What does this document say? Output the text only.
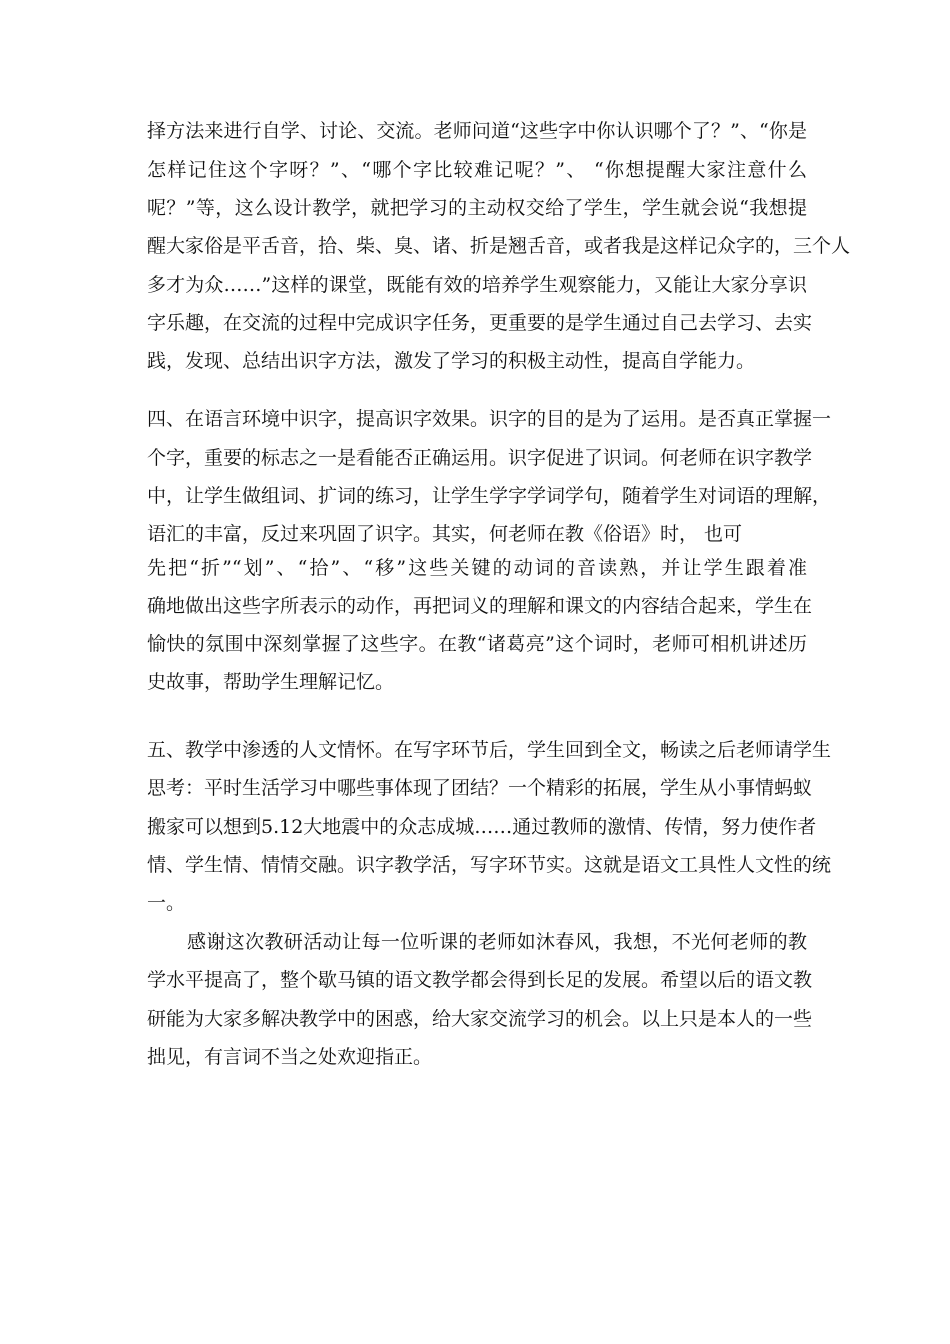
择方法来进行自学、讨论、交流。老师问道“这些字中你认识哪个了？”、“你是
怎样记住这个字呀？”、“哪个字比较难记呢？”、 “你想提醒大家注意什么
呢？”等，这么设计教学，就把学习的主动权交给了学生，学生就会说“我想提
醒大家俗是平舌音，拾、柴、臭、诸、折是翘舌音，或者我是这样记众字的，三个人
多才为众……”这样的课堂，既能有效的培养学生观察能力，又能让大家分享识
字乐趣，在交流的过程中完成识字任务，更重要的是学生通过自己去学习、去实
践，发现、总结出识字方法，激发了学习的积极主动性，提高自学能力。
四、在语言环境中识字，提高识字效果。识字的目的是为了运用。是否真正掌握一
个字，重要的标志之一是看能否正确运用。识字促进了识词。何老师在识字教学
中，让学生做组词、扩词的练习，让学生学字学词学句，随着学生对词语的理解，
语汇的丰富，反过来巩固了识字。其实，何老师在教《俗语》时， 也可
先把“折”“划”、“拾”、“移”这些关键的动词的音读熟，并让学生跟着准
确地做出这些字所表示的动作，再把词义的理解和课文的内容结合起来，学生在
愉快的氛围中深刻掌握了这些字。在教“诸葛亮”这个词时，老师可相机讲述历
史故事，帮助学生理解记忆。
五、教学中渗透的人文情怀。在写字环节后，学生回到全文，畅读之后老师请学生
思考：平时生活学习中哪些事体现了团结？一个精彩的拓展，学生从小事情蚂蚁
搬家可以想到5.12大地震中的众志成城……通过教师的激情、传情，努力使作者
情、学生情、情情交融。识字教学活，写字环节实。这就是语文工具性人文性的统
一。
感谢这次教研活动让每一位听课的老师如沐春风，我想，不光何老师的教
学水平提高了，整个歇马镇的语文教学都会得到长足的发展。希望以后的语文教
研能为大家多解决教学中的困惑，给大家交流学习的机会。以上只是本人的一些
拙见，有言词不当之处欢迎指正。
